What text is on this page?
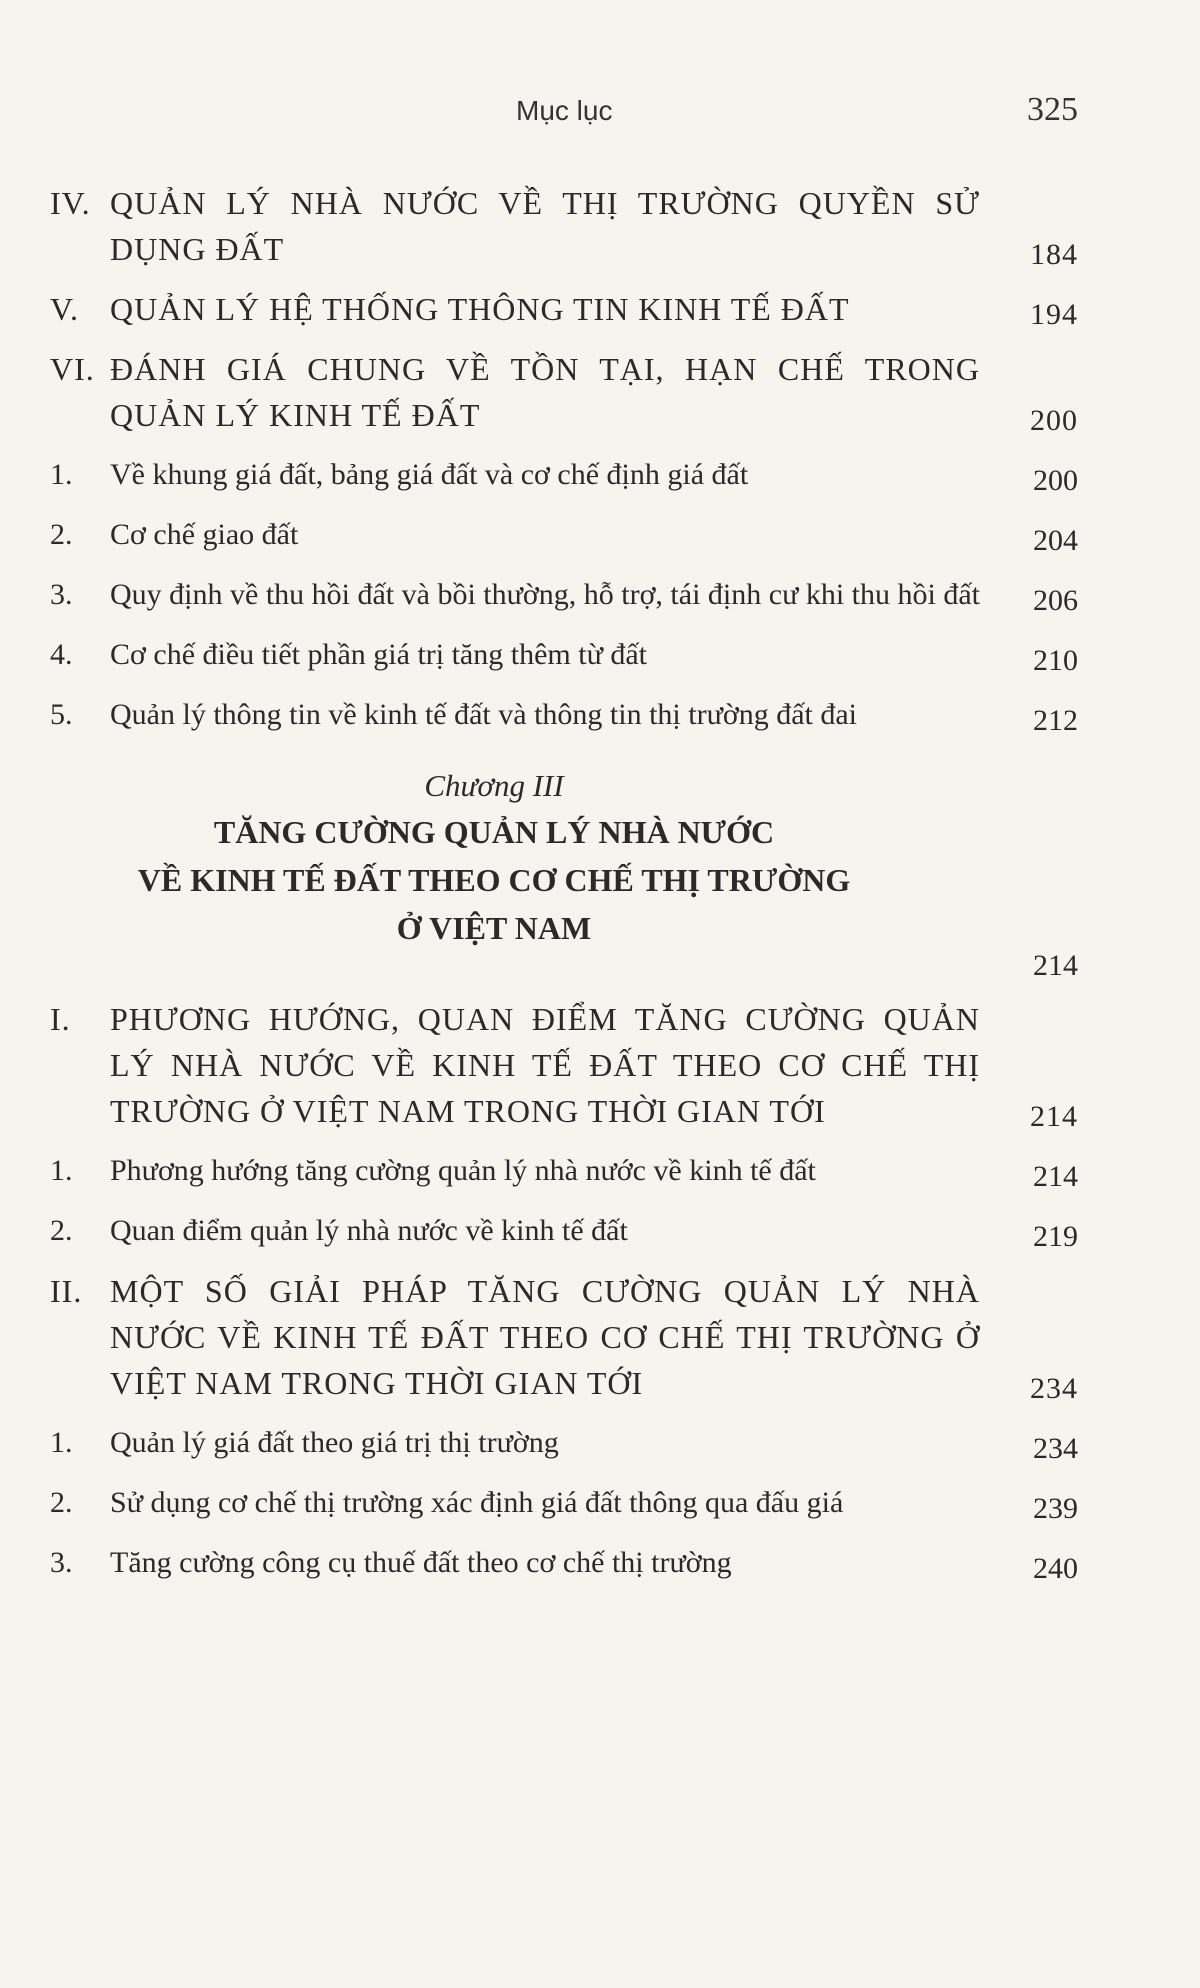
Mục lục	325
IV. QUẢN LÝ NHÀ NƯỚC VỀ THỊ TRƯỜNG QUYỀN SỬ DỤNG ĐẤT	184
V. QUẢN LÝ HỆ THỐNG THÔNG TIN KINH TẾ ĐẤT	194
VI. ĐÁNH GIÁ CHUNG VỀ TỒN TẠI, HẠN CHẾ TRONG QUẢN LÝ KINH TẾ ĐẤT	200
1. Về khung giá đất, bảng giá đất và cơ chế định giá đất	200
2. Cơ chế giao đất	204
3. Quy định về thu hồi đất và bồi thường, hỗ trợ, tái định cư khi thu hồi đất 206
4. Cơ chế điều tiết phần giá trị tăng thêm từ đất	210
5. Quản lý thông tin về kinh tế đất và thông tin thị trường đất đai	212
Chương III
TĂNG CƯỜNG QUẢN LÝ NHÀ NƯỚC
VỀ KINH TẾ ĐẤT THEO CƠ CHẾ THỊ TRƯỜNG
Ở VIỆT NAM
214
I. PHƯƠNG HƯỚNG, QUAN ĐIỂM TĂNG CƯỜNG QUẢN LÝ NHÀ NƯỚC VỀ KINH TẾ ĐẤT THEO CƠ CHẾ THỊ TRƯỜNG Ở VIỆT NAM TRONG THỜI GIAN TỚI	214
1. Phương hướng tăng cường quản lý nhà nước về kinh tế đất	214
2. Quan điểm quản lý nhà nước về kinh tế đất	219
II. MỘT SỐ GIẢI PHÁP TĂNG CƯỜNG QUẢN LÝ NHÀ NƯỚC VỀ KINH TẾ ĐẤT THEO CƠ CHẾ THỊ TRƯỜNG Ở VIỆT NAM TRONG THỜI GIAN TỚI	234
1. Quản lý giá đất theo giá trị thị trường	234
2. Sử dụng cơ chế thị trường xác định giá đất thông qua đấu giá	239
3. Tăng cường công cụ thuế đất theo cơ chế thị trường	240
